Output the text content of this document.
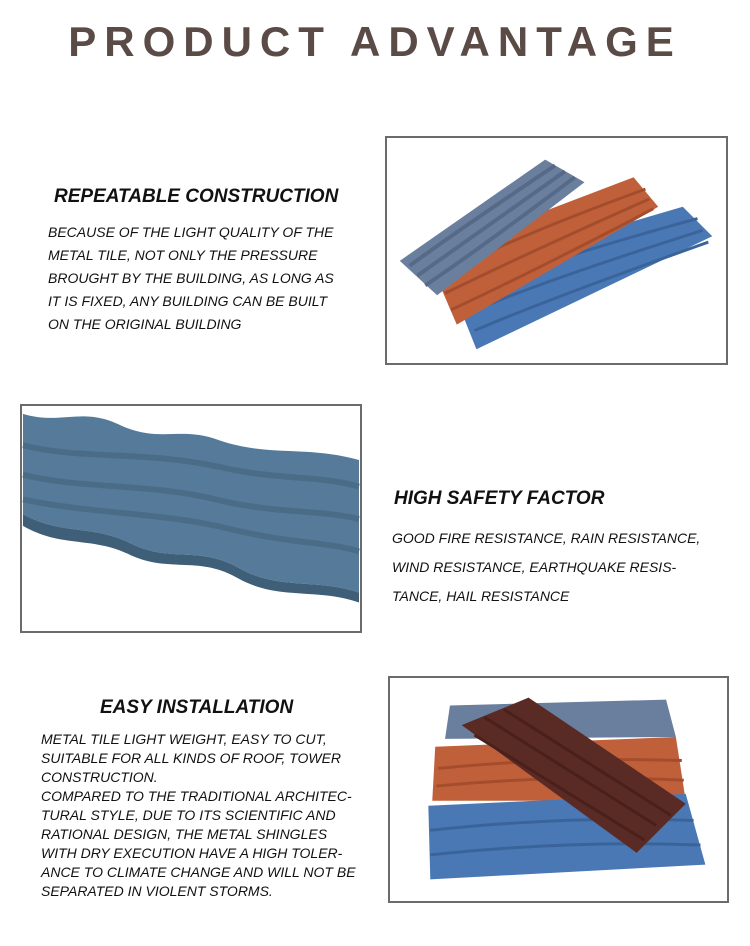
PRODUCT ADVANTAGE
REPEATABLE CONSTRUCTION
BECAUSE OF THE LIGHT QUALITY OF THE
METAL TILE, NOT ONLY THE PRESSURE
BROUGHT BY THE BUILDING, AS LONG AS
IT IS FIXED, ANY BUILDING CAN BE BUILT
ON THE ORIGINAL BUILDING
HIGH SAFETY FACTOR
GOOD FIRE RESISTANCE, RAIN RESISTANCE,
WIND RESISTANCE, EARTHQUAKE RESIS-
TANCE, HAIL RESISTANCE
EASY INSTALLATION
METAL TILE LIGHT WEIGHT, EASY TO CUT,
SUITABLE FOR ALL KINDS OF ROOF, TOWER
CONSTRUCTION.
COMPARED TO THE TRADITIONAL ARCHITEC-
TURAL STYLE, DUE TO ITS SCIENTIFIC AND
RATIONAL DESIGN, THE METAL SHINGLES
WITH DRY EXECUTION HAVE A HIGH TOLER-
ANCE TO CLIMATE CHANGE AND WILL NOT BE
SEPARATED IN VIOLENT STORMS.
